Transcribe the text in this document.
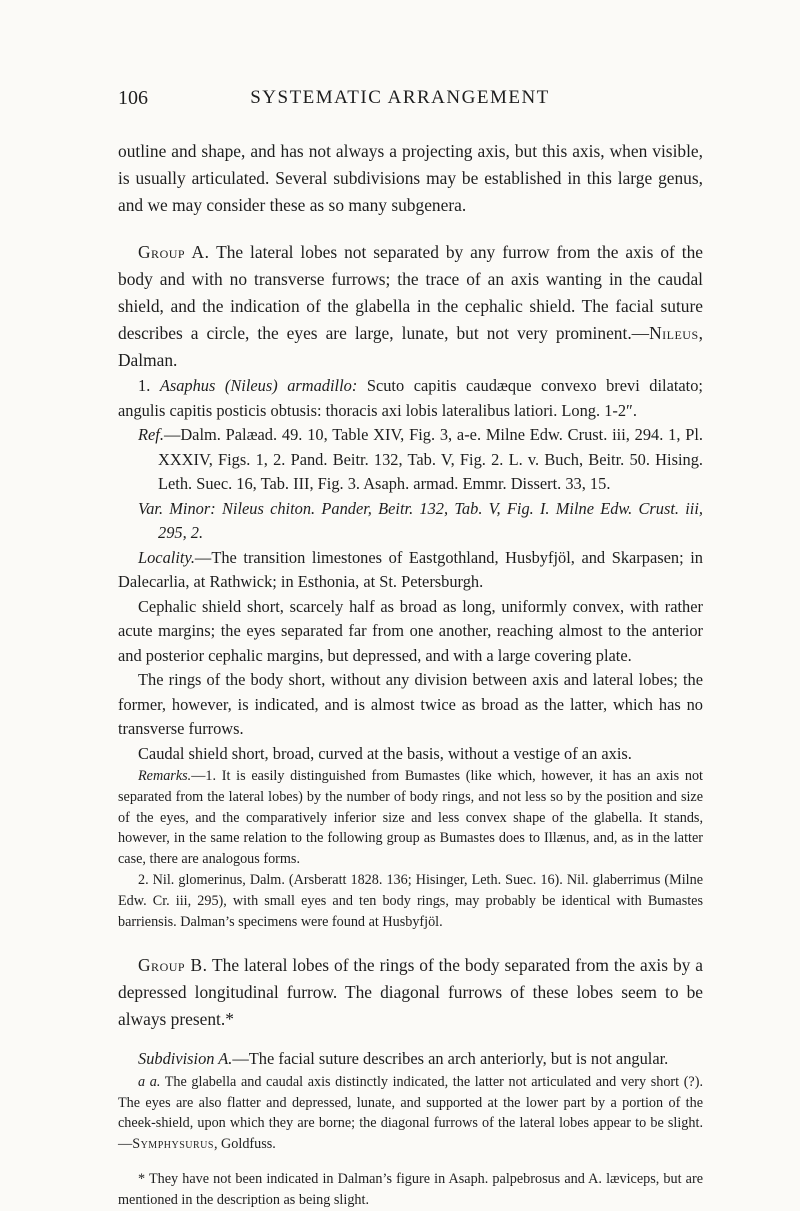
106	SYSTEMATIC ARRANGEMENT

outline and shape, and has not always a projecting axis, but this axis, when visible, is usually articulated. Several subdivisions may be established in this large genus, and we may consider these as so many subgenera.

Group A. The lateral lobes not separated by any furrow from the axis of the body and with no transverse furrows; the trace of an axis wanting in the caudal shield, and the indication of the glabella in the cephalic shield. The facial suture describes a circle, the eyes are large, lunate, but not very prominent.—Nileus, Dalman.

1. Asaphus (Nileus) armadillo: Scuto capitis caudæque convexo brevi dilatato; angulis capitis posticis obtusis: thoracis axi lobis lateralibus latiori. Long. 1-2″.

Ref.—Dalm. Palæad. 49. 10, Table XIV, Fig. 3, a-e. Milne Edw. Crust. iii, 294. 1, Pl. XXXIV, Figs. 1, 2. Pand. Beitr. 132, Tab. V, Fig. 2. L. v. Buch, Beitr. 50. Hising. Leth. Suec. 16, Tab. III, Fig. 3. Asaph. armad. Emmr. Dissert. 33, 15.

Var. Minor: Nileus chiton. Pander, Beitr. 132, Tab. V, Fig. I. Milne Edw. Crust. iii, 295, 2.

Locality.—The transition limestones of Eastgothland, Husbyfjöl, and Skarpasen; in Dalecarlia, at Rathwick; in Esthonia, at St. Petersburgh.

Cephalic shield short, scarcely half as broad as long, uniformly convex, with rather acute margins; the eyes separated far from one another, reaching almost to the anterior and posterior cephalic margins, but depressed, and with a large covering plate.

The rings of the body short, without any division between axis and lateral lobes; the former, however, is indicated, and is almost twice as broad as the latter, which has no transverse furrows.

Caudal shield short, broad, curved at the basis, without a vestige of an axis.

Remarks.—1. It is easily distinguished from Bumastes (like which, however, it has an axis not separated from the lateral lobes) by the number of body rings, and not less so by the position and size of the eyes, and the comparatively inferior size and less convex shape of the glabella. It stands, however, in the same relation to the following group as Bumastes does to Illænus, and, as in the latter case, there are analogous forms.

2. Nil. glomerinus, Dalm. (Arsberatt 1828. 136; Hisinger, Leth. Suec. 16). Nil. glaberrimus (Milne Edw. Cr. iii, 295), with small eyes and ten body rings, may probably be identical with Bumastes barriensis. Dalman’s specimens were found at Husbyfjöl.

Group B. The lateral lobes of the rings of the body separated from the axis by a depressed longitudinal furrow. The diagonal furrows of these lobes seem to be always present.*

Subdivision A.—The facial suture describes an arch anteriorly, but is not angular.

a a. The glabella and caudal axis distinctly indicated, the latter not articulated and very short (?). The eyes are also flatter and depressed, lunate, and supported at the lower part by a portion of the cheek-shield, upon which they are borne; the diagonal furrows of the lateral lobes appear to be slight.—Symphysurus, Goldfuss.

* They have not been indicated in Dalman’s figure in Asaph. palpebrosus and A. læviceps, but are mentioned in the description as being slight.
